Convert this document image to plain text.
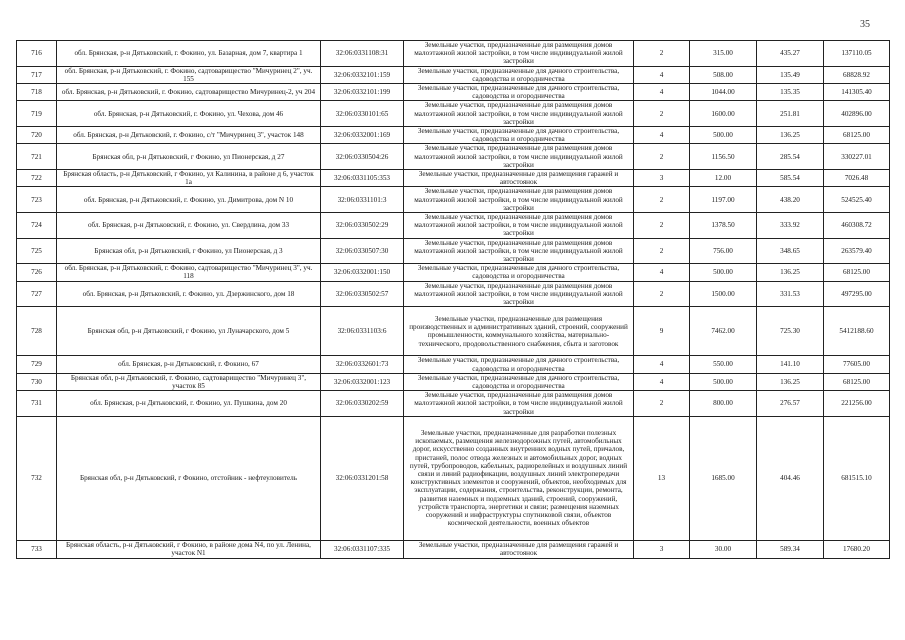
35
716	обл. Брянская, р-н Дятьковский, г. Фокино, ул. Базарная, дом 7, квартира 1	32:06:0331108:31	Земельные участки, предназначенные для размещения домов малоэтажной жилой застройки, в том числе индивидуальной жилой застройки	2	315.00	435.27	137110.05
717	обл. Брянская, р-н Дятьковский, г. Фокино, садтоварищество "Мичуринец 2", уч. 155	32:06:0332101:159	Земельные участки, предназначенные для дачного строительства, садоводства и огородничества	4	508.00	135.49	68828.92
718	обл. Брянская, р-н Дятьковский, г. Фокино, садтоварищество Мичуринец-2, уч 204	32:06:0332101:199	Земельные участки, предназначенные для дачного строительства, садоводства и огородничества	4	1044.00	135.35	141305.40
719	обл. Брянская, р-н Дятьковский, г. Фокино, ул. Чехова, дом 46	32:06:0330101:65	Земельные участки, предназначенные для размещения домов малоэтажной жилой застройки, в том числе индивидуальной жилой застройки	2	1600.00	251.81	402896.00
720	обл. Брянская, р-н Дятьковский, г. Фокино, с/т "Мичуринец 3", участок 148	32:06:0332001:169	Земельные участки, предназначенные для дачного строительства, садоводства и огородничества	4	500.00	136.25	68125.00
721	Брянская обл, р-н Дятьковский, г Фокино, ул Пионерская, д 27	32:06:0330504:26	Земельные участки, предназначенные для размещения домов малоэтажной жилой застройки, в том числе индивидуальной жилой застройки	2	1156.50	285.54	330227.01
722	Брянская область, р-н Дятьковский, г Фокино, ул Калинина, в районе д 6, участок 1а	32:06:0331105:353	Земельные участки, предназначенные для размещения гаражей и автостоянок	3	12.00	585.54	7026.48
723	обл. Брянская, р-н Дятьковский, г. Фокино, ул. Димитрова, дом N 10	32:06:0331101:3	Земельные участки, предназначенные для размещения домов малоэтажной жилой застройки, в том числе индивидуальной жилой застройки	2	1197.00	438.20	524525.40
724	обл. Брянская, р-н Дятьковский, г. Фокино, ул. Свердлина, дом 33	32:06:0330502:29	Земельные участки, предназначенные для размещения домов малоэтажной жилой застройки, в том числе индивидуальной жилой застройки	2	1378.50	333.92	460308.72
725	Брянская обл, р-н Дятьковский, г Фокино, ул Пионерская, д 3	32:06:0330507:30	Земельные участки, предназначенные для размещения домов малоэтажной жилой застройки, в том числе индивидуальной жилой застройки	2	756.00	348.65	263579.40
726	обл. Брянская, р-н Дятьковский, г. Фокино, садтоварищество "Мичуринец 3", уч. 118	32:06:0332001:150	Земельные участки, предназначенные для дачного строительства, садоводства и огородничества	4	500.00	136.25	68125.00
727	обл. Брянская, р-н Дятьковский, г. Фокино, ул. Дзержинского, дом 18	32:06:0330502:57	Земельные участки, предназначенные для размещения домов малоэтажной жилой застройки, в том числе индивидуальной жилой застройки	2	1500.00	331.53	497295.00
728	Брянская обл, р-н Дятьковский, г Фокино, ул Луначарского, дом 5	32:06:0331103:6	Земельные участки, предназначенные для размещения производственных и административных зданий, строений, сооружений промышленности, коммунального хозяйства, материально-технического, продовольственного снабжения, сбыта и заготовок	9	7462.00	725.30	5412188.60
729	обл. Брянская, р-н Дятьковский, г. Фокино, 67	32:06:0332601:73	Земельные участки, предназначенные для дачного строительства, садоводства и огородничества	4	550.00	141.10	77605.00
730	Брянская обл, р-н Дятьковский, г. Фокино, садтоварищество "Мичуринец 3", участок 85	32:06:0332001:123	Земельные участки, предназначенные для дачного строительства, садоводства и огородничества	4	500.00	136.25	68125.00
731	обл. Брянская, р-н Дятьковский, г. Фокино, ул. Пушкина, дом 20	32:06:0330202:59	Земельные участки, предназначенные для размещения домов малоэтажной жилой застройки, в том числе индивидуальной жилой застройки	2	800.00	276.57	221256.00
732	Брянская обл, р-н Дятьковский, г Фокино, отстойник - нефтеуловитель	32:06:0331201:58	Земельные участки, предназначенные для разработки полезных ископаемых, размещения железнодорожных путей, автомобильных дорог, искусственно созданных внутренних водных путей, причалов, пристаней, полос отвода железных и автомобильных дорог, водных путей, трубопроводов, кабельных, радиорелейных и воздушных линий связи и линий радиофикации, воздушных линий электропередачи конструктивных элементов и сооружений, объектов, необходимых для эксплуатации, содержания, строительства, реконструкции, ремонта, развития наземных и подземных зданий, строений, сооружений, устройств транспорта, энергетики и связи; размещения наземных сооружений и инфраструктуры спутниковой связи, объектов космической деятельности, военных объектов	13	1685.00	404.46	681515.10
733	Брянская область, р-н Дятьковский, г Фокино, в районе дома N4, по ул. Ленина, участок N1	32:06:0331107:335	Земельные участки, предназначенные для размещения гаражей и автостоянок	3	30.00	589.34	17680.20
